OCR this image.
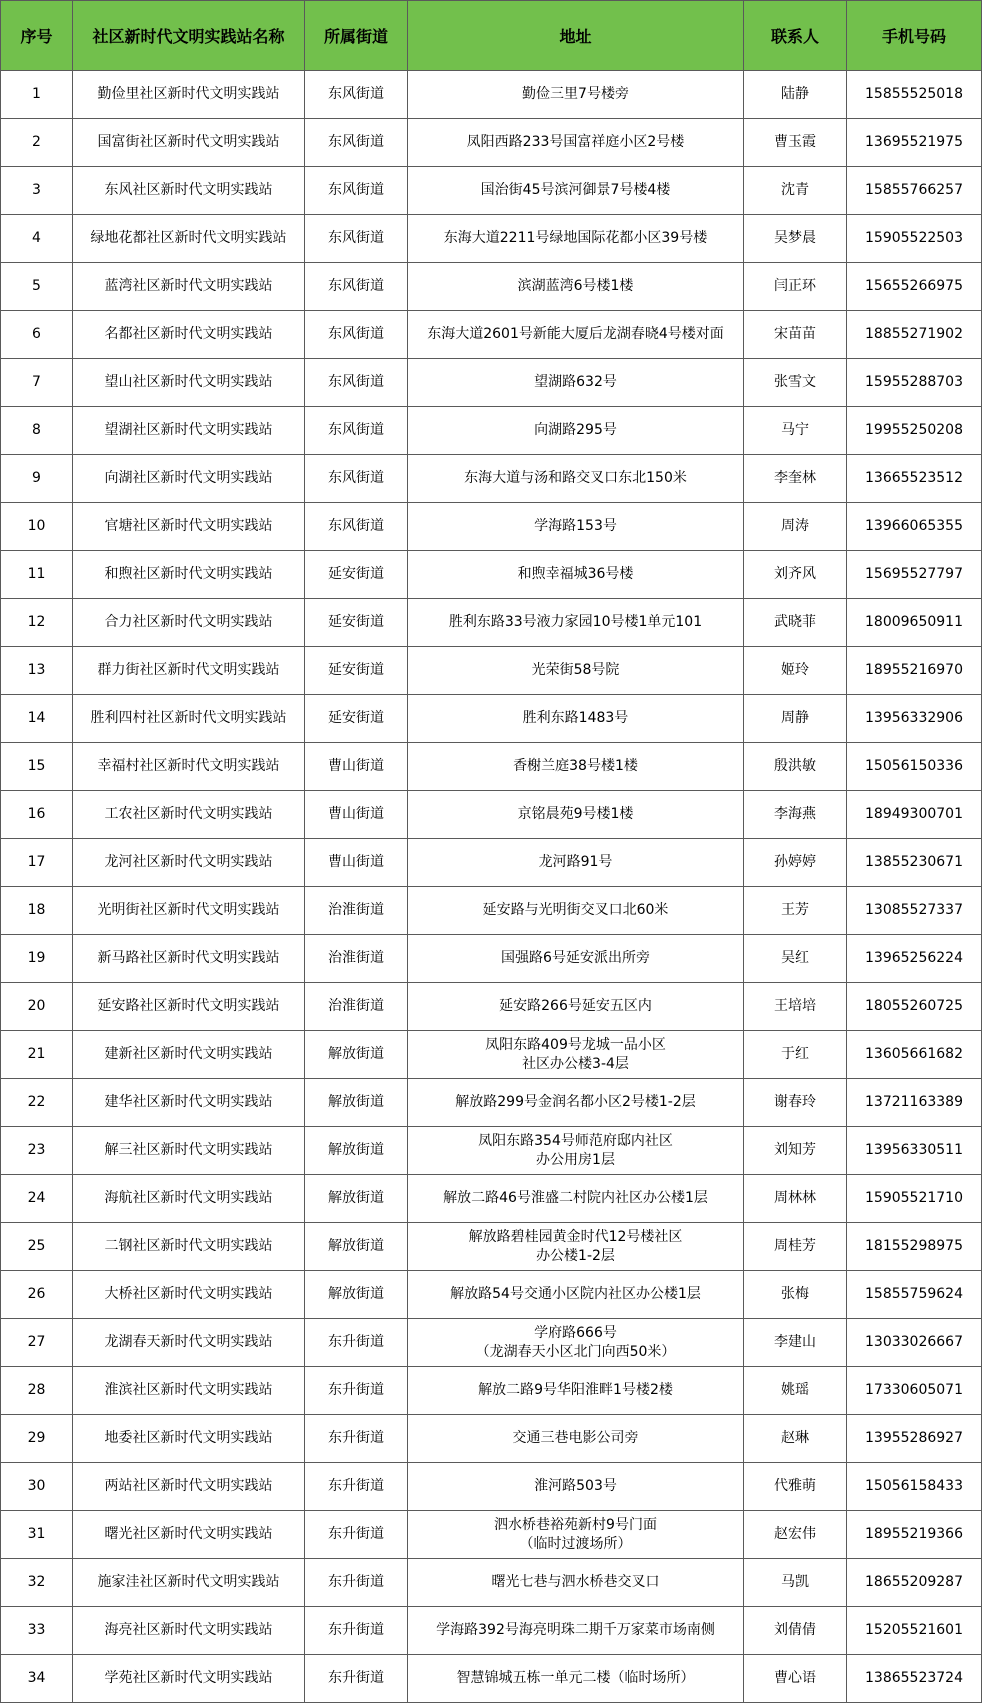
序号	社区新时代文明实践站名称	所属街道	地址	联系人	手机号码
1	勤俭里社区新时代文明实践站	东风街道	勤俭三里7号楼旁	陆静	15855525018
2	国富街社区新时代文明实践站	东风街道	凤阳西路233号国富祥庭小区2号楼	曹玉霞	13695521975
3	东风社区新时代文明实践站	东风街道	国治街45号滨河御景7号楼4楼	沈青	15855766257
4	绿地花都社区新时代文明实践站	东风街道	东海大道2211号绿地国际花都小区39号楼	吴梦晨	15905522503
5	蓝湾社区新时代文明实践站	东风街道	滨湖蓝湾6号楼1楼	闫正环	15655266975
6	名都社区新时代文明实践站	东风街道	东海大道2601号新能大厦后龙湖春晓4号楼对面	宋苗苗	18855271902
7	望山社区新时代文明实践站	东风街道	望湖路632号	张雪文	15955288703
8	望湖社区新时代文明实践站	东风街道	向湖路295号	马宁	19955250208
9	向湖社区新时代文明实践站	东风街道	东海大道与汤和路交叉口东北150米	李奎林	13665523512
10	官塘社区新时代文明实践站	东风街道	学海路153号	周涛	13966065355
11	和煦社区新时代文明实践站	延安街道	和煦幸福城36号楼	刘齐风	15695527797
12	合力社区新时代文明实践站	延安街道	胜利东路33号液力家园10号楼1单元101	武晓菲	18009650911
13	群力街社区新时代文明实践站	延安街道	光荣街58号院	姬玲	18955216970
14	胜利四村社区新时代文明实践站	延安街道	胜利东路1483号	周静	13956332906
15	幸福村社区新时代文明实践站	曹山街道	香榭兰庭38号楼1楼	殷洪敏	15056150336
16	工农社区新时代文明实践站	曹山街道	京铭晨苑9号楼1楼	李海燕	18949300701
17	龙河社区新时代文明实践站	曹山街道	龙河路91号	孙婷婷	13855230671
18	光明街社区新时代文明实践站	治淮街道	延安路与光明街交叉口北60米	王芳	13085527337
19	新马路社区新时代文明实践站	治淮街道	国强路6号延安派出所旁	吴红	13965256224
20	延安路社区新时代文明实践站	治淮街道	延安路266号延安五区内	王培培	18055260725
21	建新社区新时代文明实践站	解放街道	凤阳东路409号龙城一品小区
社区办公楼3-4层	于红	13605661682
22	建华社区新时代文明实践站	解放街道	解放路299号金润名都小区2号楼1-2层	谢春玲	13721163389
23	解三社区新时代文明实践站	解放街道	凤阳东路354号师范府邸内社区
办公用房1层	刘知芳	13956330511
24	海航社区新时代文明实践站	解放街道	解放二路46号淮盛二村院内社区办公楼1层	周林林	15905521710
25	二钢社区新时代文明实践站	解放街道	解放路碧桂园黄金时代12号楼社区
办公楼1-2层	周桂芳	18155298975
26	大桥社区新时代文明实践站	解放街道	解放路54号交通小区院内社区办公楼1层	张梅	15855759624
27	龙湖春天新时代文明实践站	东升街道	学府路666号
（龙湖春天小区北门向西50米）	李建山	13033026667
28	淮滨社区新时代文明实践站	东升街道	解放二路9号华阳淮畔1号楼2楼	姚瑶	17330605071
29	地委社区新时代文明实践站	东升街道	交通三巷电影公司旁	赵琳	13955286927
30	两站社区新时代文明实践站	东升街道	淮河路503号	代雅萌	15056158433
31	曙光社区新时代文明实践站	东升街道	泗水桥巷裕苑新村9号门面
（临时过渡场所）	赵宏伟	18955219366
32	施家洼社区新时代文明实践站	东升街道	曙光七巷与泗水桥巷交叉口	马凯	18655209287
33	海亮社区新时代文明实践站	东升街道	学海路392号海亮明珠二期千万家菜市场南侧	刘倩倩	15205521601
34	学苑社区新时代文明实践站	东升街道	智慧锦城五栋一单元二楼（临时场所）	曹心语	13865523724
